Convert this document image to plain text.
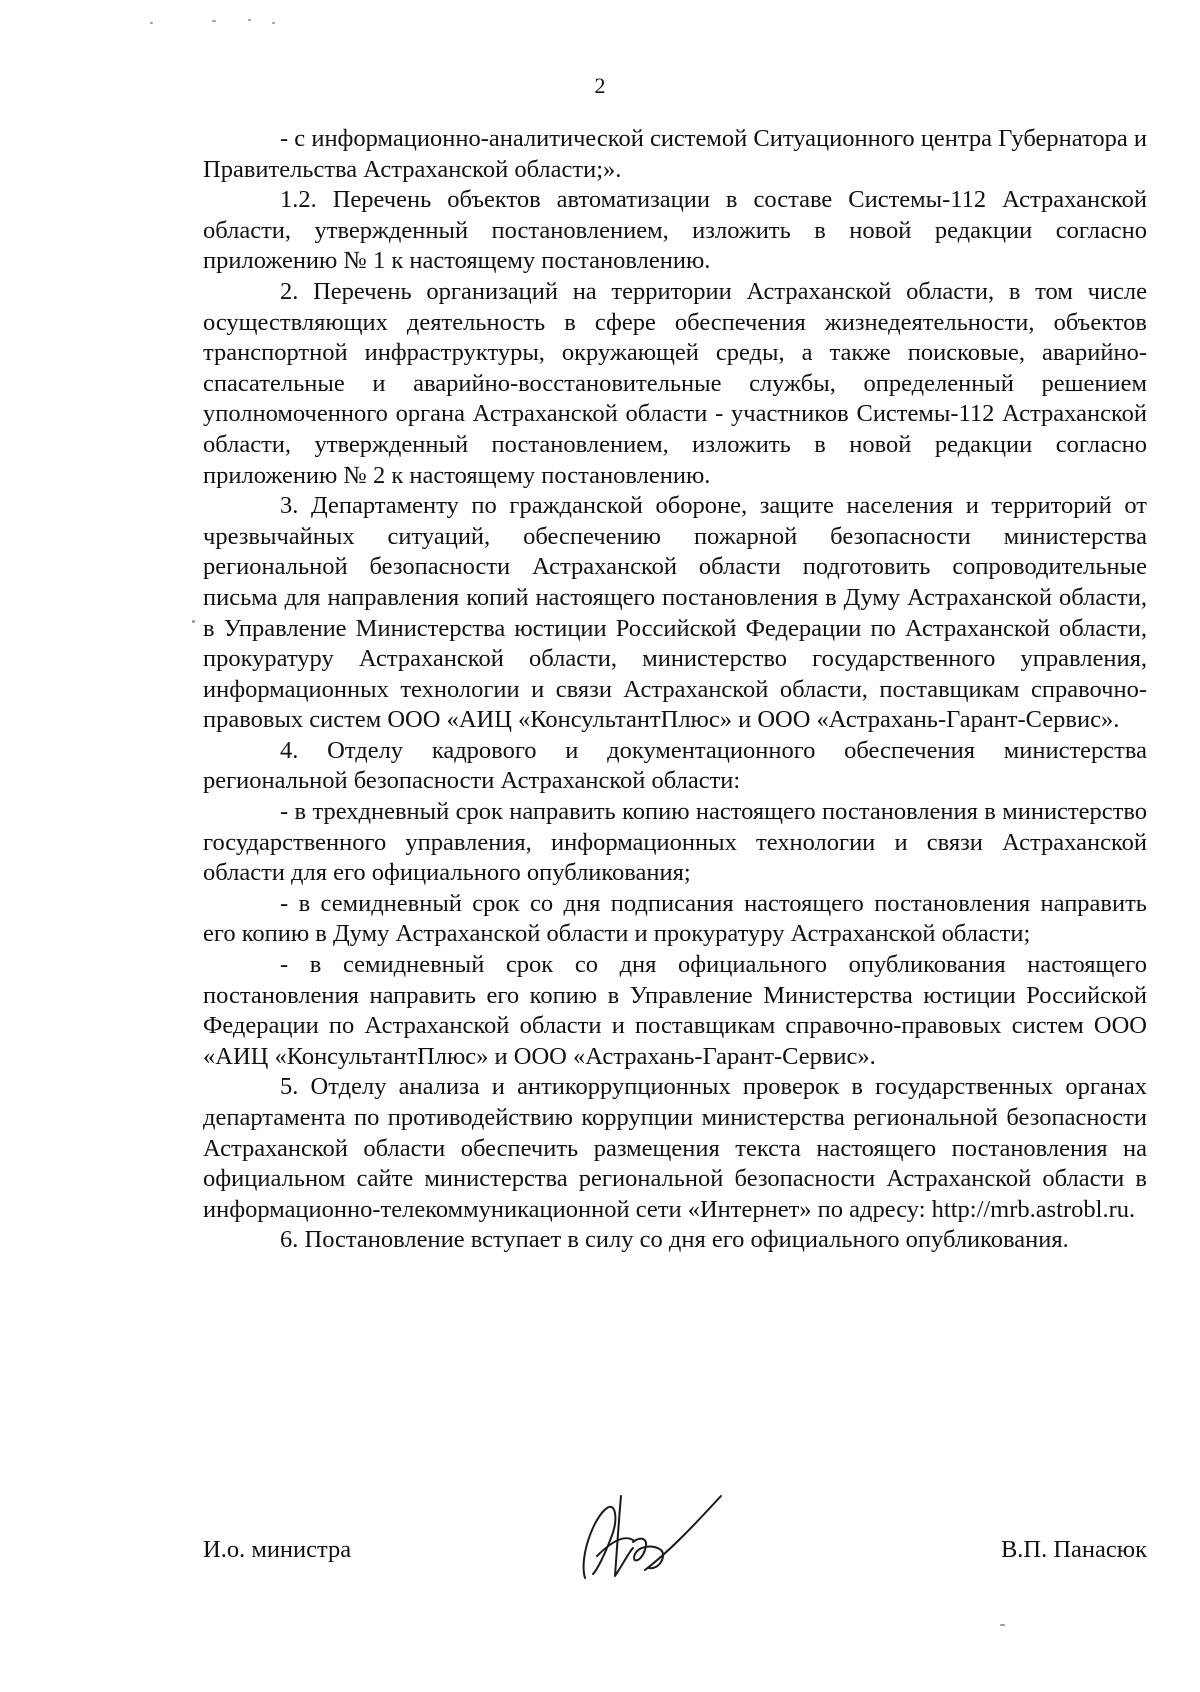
2

- с информационно-аналитической системой Ситуационного центра Губернатора и Правительства Астраханской области;».

1.2. Перечень объектов автоматизации в составе Системы-112 Астраханской области, утвержденный постановлением, изложить в новой редакции согласно приложению № 1 к настоящему постановлению.

2. Перечень организаций на территории Астраханской области, в том числе осуществляющих деятельность в сфере обеспечения жизнедеятельности, объектов транспортной инфраструктуры, окружающей среды, а также поисковые, аварийно-спасательные и аварийно-восстановительные службы, определенный решением уполномоченного органа Астраханской области - участников Системы-112 Астраханской области, утвержденный постановлением, изложить в новой редакции согласно приложению № 2 к настоящему постановлению.

3. Департаменту по гражданской обороне, защите населения и территорий от чрезвычайных ситуаций, обеспечению пожарной безопасности министерства региональной безопасности Астраханской области подготовить сопроводительные письма для направления копий настоящего постановления в Думу Астраханской области, в Управление Министерства юстиции Российской Федерации по Астраханской области, прокуратуру Астраханской области, министерство государственного управления, информационных технологии и связи Астраханской области, поставщикам справочно-правовых систем ООО «АИЦ «КонсультантПлюс» и ООО «Астрахань-Гарант-Сервис».

4. Отделу кадрового и документационного обеспечения министерства региональной безопасности Астраханской области:

- в трехдневный срок направить копию настоящего постановления в министерство государственного управления, информационных технологии и связи Астраханской области для его официального опубликования;

- в семидневный срок со дня подписания настоящего постановления направить его копию в Думу Астраханской области и прокуратуру Астраханской области;

- в семидневный срок со дня официального опубликования настоящего постановления направить его копию в Управление Министерства юстиции Российской Федерации по Астраханской области и поставщикам справочно-правовых систем ООО «АИЦ «КонсультантПлюс» и ООО «Астрахань-Гарант-Сервис».

5. Отделу анализа и антикоррупционных проверок в государственных органах департамента по противодействию коррупции министерства региональной безопасности Астраханской области обеспечить размещения текста настоящего постановления на официальном сайте министерства региональной безопасности Астраханской области в информационно-телекоммуникационной сети «Интернет» по адресу: http://mrb.astrobl.ru.

6. Постановление вступает в силу со дня его официального опубликования.

И.о. министра	В.П. Панасюк
